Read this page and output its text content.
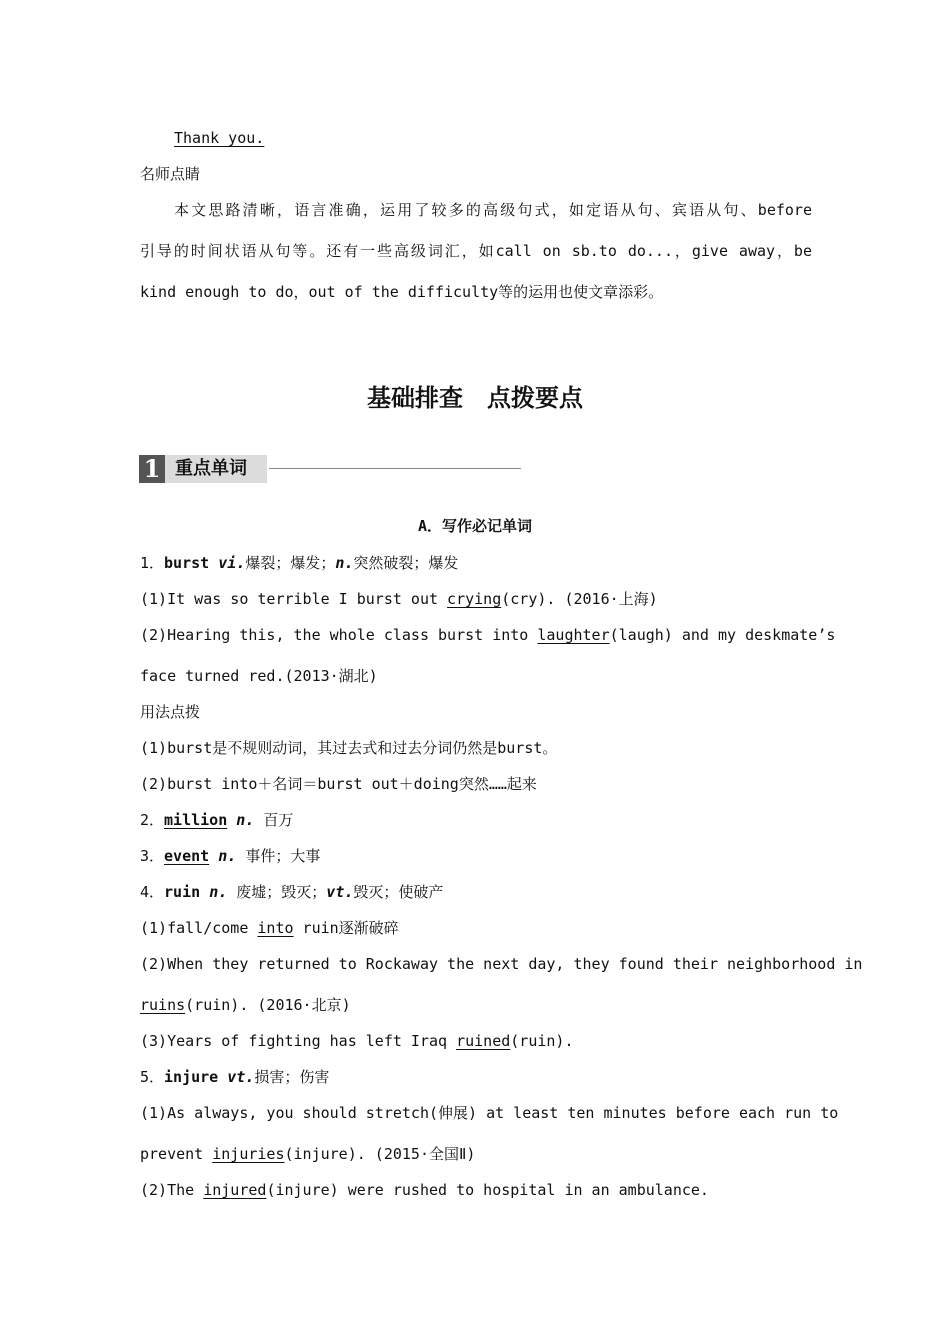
Thank you.
名师点睛
本文思路清晰，语言准确，运用了较多的高级句式，如定语从句、宾语从句、before
引导的时间状语从句等。还有一些高级词汇，如call on sb.to do...，give away，be
kind enough to do，out of the difficulty等的运用也使文章添彩。
基础排查 点拨要点
1 重点单词
A．写作必记单词
1．burst vi.爆裂；爆发；n.突然破裂；爆发
(1)It was so terrible I burst out crying(cry). (2016·上海)
(2)Hearing this, the whole class burst into laughter(laugh) and my deskmate’s
face turned red.(2013·湖北)
用法点拨
(1)burst是不规则动词，其过去式和过去分词仍然是burst。
(2)burst into＋名词＝burst out＋doing突然……起来
2．million n. 百万
3．event n. 事件；大事
4．ruin n. 废墟；毁灭；vt.毁灭；使破产
(1)fall/come into ruin逐渐破碎
(2)When they returned to Rockaway the next day, they found their neighborhood in
ruins(ruin). (2016·北京)
(3)Years of fighting has left Iraq ruined(ruin).
5．injure vt.损害；伤害
(1)As always, you should stretch(伸展) at least ten minutes before each run to
prevent injuries(injure). (2015·全国Ⅱ)
(2)The injured(injure) were rushed to hospital in an ambulance.
